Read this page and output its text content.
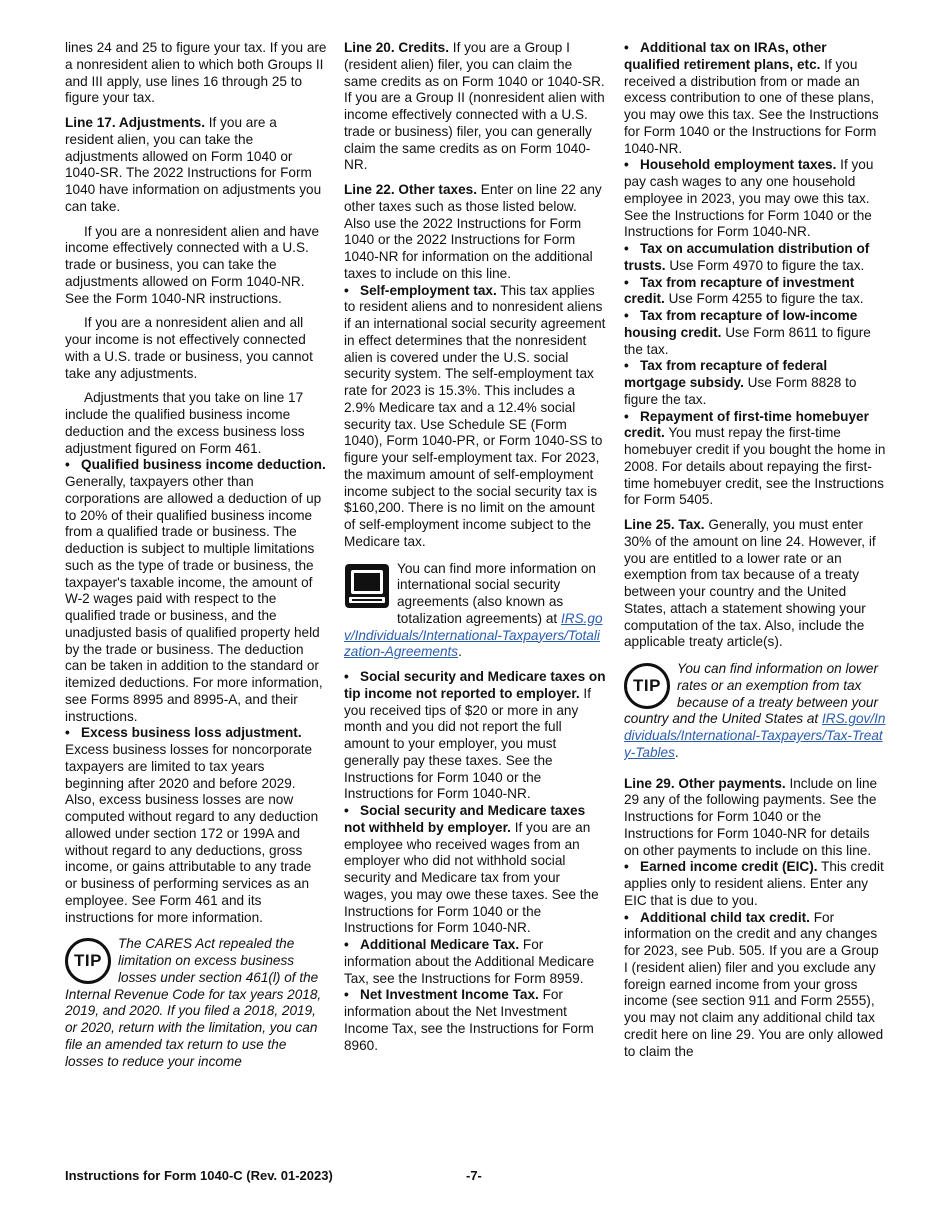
lines 24 and 25 to figure your tax. If you are a nonresident alien to which both Groups II and III apply, use lines 16 through 25 to figure your tax.

Line 17. Adjustments. If you are a resident alien, you can take the adjustments allowed on Form 1040 or 1040-SR. The 2022 Instructions for Form 1040 have information on adjustments you can take.

If you are a nonresident alien and have income effectively connected with a U.S. trade or business, you can take the adjustments allowed on Form 1040-NR. See the Form 1040-NR instructions.

If you are a nonresident alien and all your income is not effectively connected with a U.S. trade or business, you cannot take any adjustments.

Adjustments that you take on line 17 include the qualified business income deduction and the excess business loss adjustment figured on Form 461.

• Qualified business income deduction. Generally, taxpayers other than corporations are allowed a deduction of up to 20% of their qualified business income from a qualified trade or business. The deduction is subject to multiple limitations such as the type of trade or business, the taxpayer's taxable income, the amount of W-2 wages paid with respect to the qualified trade or business, and the unadjusted basis of qualified property held by the trade or business. The deduction can be taken in addition to the standard or itemized deductions. For more information, see Forms 8995 and 8995-A, and their instructions.

• Excess business loss adjustment. Excess business losses for noncorporate taxpayers are limited to tax years beginning after 2020 and before 2029. Also, excess business losses are now computed without regard to any deduction allowed under section 172 or 199A and without regard to any deductions, gross income, or gains attributable to any trade or business of performing services as an employee. See Form 461 and its instructions for more information.

TIP
The CARES Act repealed the limitation on excess business losses under section 461(l) of the Internal Revenue Code for tax years 2018, 2019, and 2020. If you filed a 2018, 2019, or 2020, return with the limitation, you can file an amended tax return to use the losses to reduce your income

Line 20. Credits. If you are a Group I (resident alien) filer, you can claim the same credits as on Form 1040 or 1040-SR. If you are a Group II (nonresident alien with income effectively connected with a U.S. trade or business) filer, you can generally claim the same credits as on Form 1040-NR.

Line 22. Other taxes. Enter on line 22 any other taxes such as those listed below. Also use the 2022 Instructions for Form 1040 or the 2022 Instructions for Form 1040-NR for information on the additional taxes to include on this line.

• Self-employment tax. This tax applies to resident aliens and to nonresident aliens if an international social security agreement in effect determines that the nonresident alien is covered under the U.S. social security system. The self-employment tax rate for 2023 is 15.3%. This includes a 2.9% Medicare tax and a 12.4% social security tax. Use Schedule SE (Form 1040), Form 1040-PR, or Form 1040-SS to figure your self-employment tax. For 2023, the maximum amount of self-employment income subject to the social security tax is $160,200. There is no limit on the amount of self-employment income subject to the Medicare tax.

You can find more information on international social security agreements (also known as totalization agreements) at IRS.gov/Individuals/International-Taxpayers/Totalization-Agreements.

• Social security and Medicare taxes on tip income not reported to employer. If you received tips of $20 or more in any month and you did not report the full amount to your employer, you must generally pay these taxes. See the Instructions for Form 1040 or the Instructions for Form 1040-NR.

• Social security and Medicare taxes not withheld by employer. If you are an employee who received wages from an employer who did not withhold social security and Medicare tax from your wages, you may owe these taxes. See the Instructions for Form 1040 or the Instructions for Form 1040-NR.

• Additional Medicare Tax. For information about the Additional Medicare Tax, see the Instructions for Form 8959.

• Net Investment Income Tax. For information about the Net Investment Income Tax, see the Instructions for Form 8960.

• Additional tax on IRAs, other qualified retirement plans, etc. If you received a distribution from or made an excess contribution to one of these plans, you may owe this tax. See the Instructions for Form 1040 or the Instructions for Form 1040-NR.

• Household employment taxes. If you pay cash wages to any one household employee in 2023, you may owe this tax. See the Instructions for Form 1040 or the Instructions for Form 1040-NR.

• Tax on accumulation distribution of trusts. Use Form 4970 to figure the tax.

• Tax from recapture of investment credit. Use Form 4255 to figure the tax.

• Tax from recapture of low-income housing credit. Use Form 8611 to figure the tax.

• Tax from recapture of federal mortgage subsidy. Use Form 8828 to figure the tax.

• Repayment of first-time homebuyer credit. You must repay the first-time homebuyer credit if you bought the home in 2008. For details about repaying the first-time homebuyer credit, see the Instructions for Form 5405.

Line 25. Tax. Generally, you must enter 30% of the amount on line 24. However, if you are entitled to a lower rate or an exemption from tax because of a treaty between your country and the United States, attach a statement showing your computation of the tax. Also, include the applicable treaty article(s).

TIP
You can find information on lower rates or an exemption from tax because of a treaty between your country and the United States at IRS.gov/Individuals/International-Taxpayers/Tax-Treaty-Tables.

Line 29. Other payments. Include on line 29 any of the following payments. See the Instructions for Form 1040 or the Instructions for Form 1040-NR for details on other payments to include on this line.

• Earned income credit (EIC). This credit applies only to resident aliens. Enter any EIC that is due to you.

• Additional child tax credit. For information on the credit and any changes for 2023, see Pub. 505. If you are a Group I (resident alien) filer and you exclude any foreign earned income from your gross income (see section 911 and Form 2555), you may not claim any additional child tax credit here on line 29. You are only allowed to claim the

Instructions for Form 1040-C (Rev. 01-2023)	-7-
